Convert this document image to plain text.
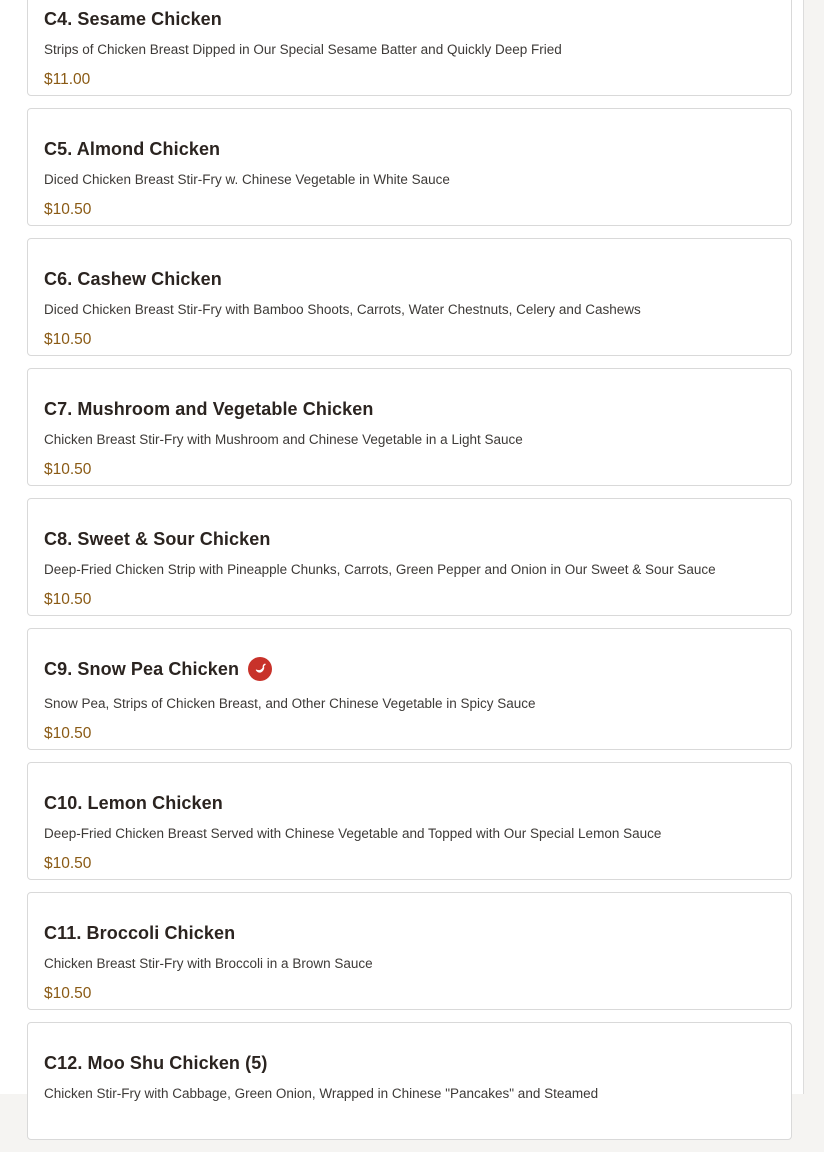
C4. Sesame Chicken
Strips of Chicken Breast Dipped in Our Special Sesame Batter and Quickly Deep Fried
$11.00
C5. Almond Chicken
Diced Chicken Breast Stir-Fry w. Chinese Vegetable in White Sauce
$10.50
C6. Cashew Chicken
Diced Chicken Breast Stir-Fry with Bamboo Shoots, Carrots, Water Chestnuts, Celery and Cashews
$10.50
C7. Mushroom and Vegetable Chicken
Chicken Breast Stir-Fry with Mushroom and Chinese Vegetable in a Light Sauce
$10.50
C8. Sweet & Sour Chicken
Deep-Fried Chicken Strip with Pineapple Chunks, Carrots, Green Pepper and Onion in Our Sweet & Sour Sauce
$10.50
C9. Snow Pea Chicken
Snow Pea, Strips of Chicken Breast, and Other Chinese Vegetable in Spicy Sauce
$10.50
C10. Lemon Chicken
Deep-Fried Chicken Breast Served with Chinese Vegetable and Topped with Our Special Lemon Sauce
$10.50
C11. Broccoli Chicken
Chicken Breast Stir-Fry with Broccoli in a Brown Sauce
$10.50
C12. Moo Shu Chicken (5)
Chicken Stir-Fry with Cabbage, Green Onion, Wrapped in Chinese "Pancakes" and Steamed
